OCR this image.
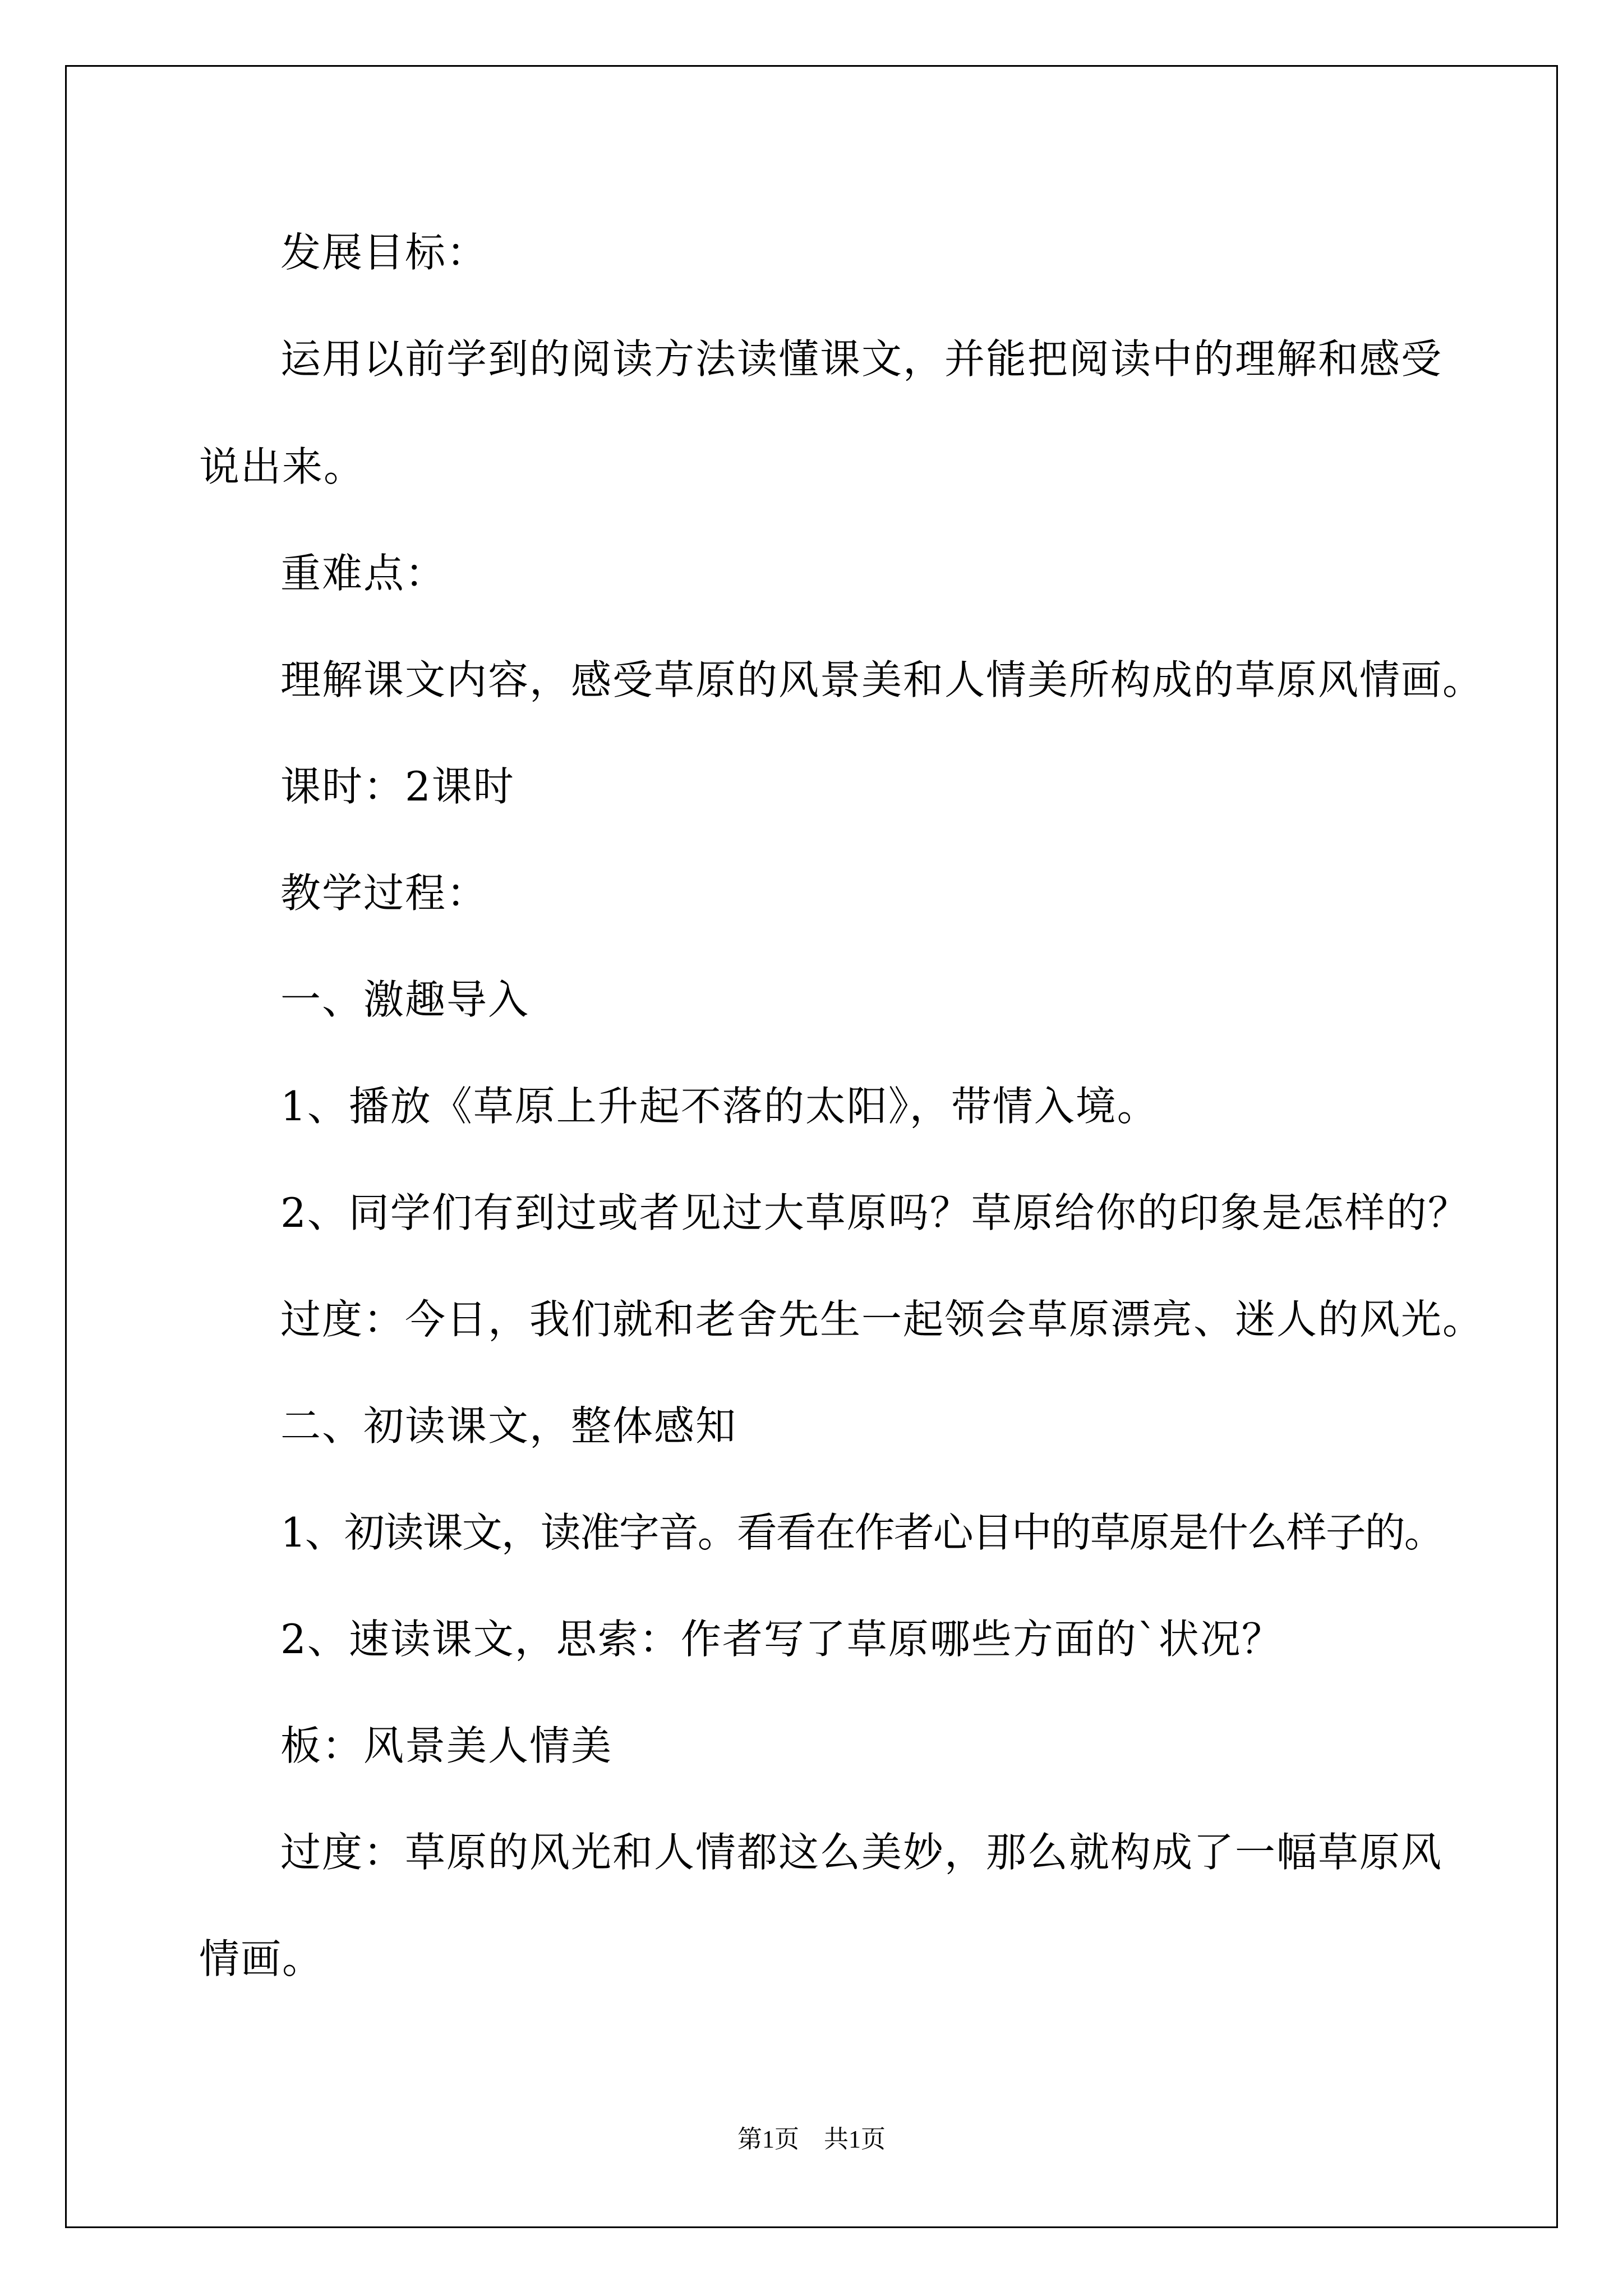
发展目标：
运用以前学到的阅读方法读懂课文，并能把阅读中的理解和感受
说出来。
重难点：
理解课文内容，感受草原的风景美和人情美所构成的草原风情画。
课时：2课时
教学过程：
一、激趣导入
1、播放《草原上升起不落的太阳》，带情入境。
2、同学们有到过或者见过大草原吗？草原给你的印象是怎样的？
过度：今日，我们就和老舍先生一起领会草原漂亮、迷人的风光。
二、初读课文，整体感知
1、初读课文，读准字音。看看在作者心目中的草原是什么样子的。
2、速读课文，思索：作者写了草原哪些方面的`状况？
板：风景美人情美
过度：草原的风光和人情都这么美妙，那么就构成了一幅草原风
情画。
第1页　共1页
